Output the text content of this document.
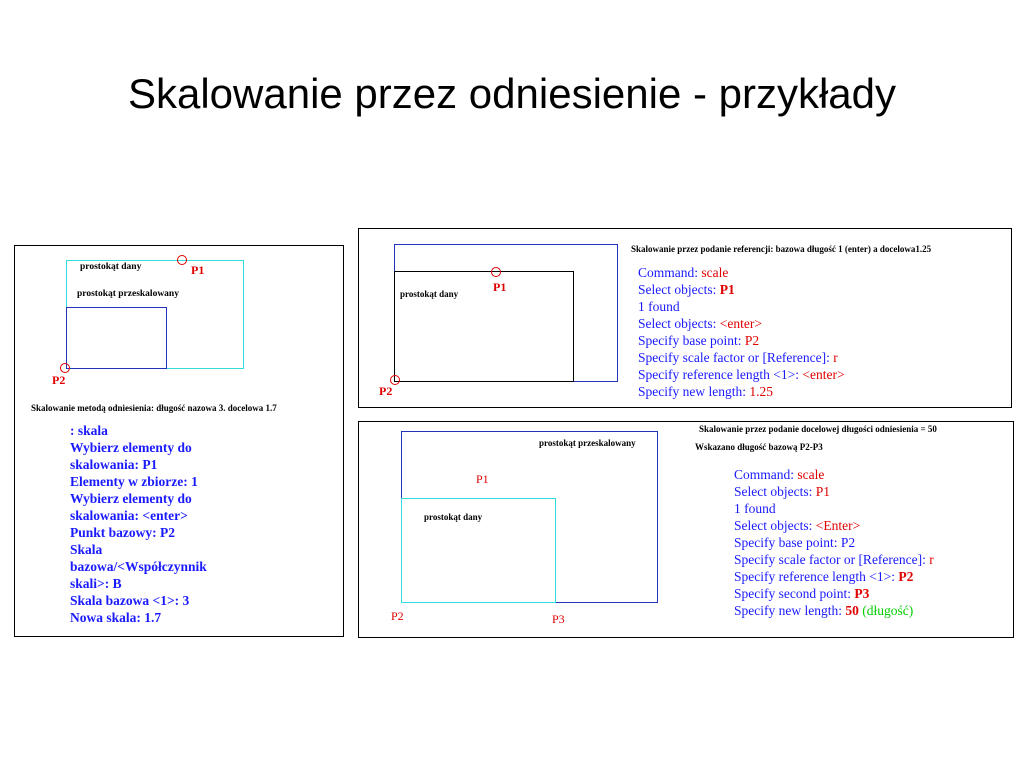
Skalowanie przez odniesienie - przykłady
prostokąt dany
prostokąt przeskalowany
P1
P2
Skalowanie metodą odniesienia: długość nazowa 3. docelowa 1.7
: skala
Wybierz elementy do
skalowania: P1
Elementy w zbiorze: 1
Wybierz elementy do
skalowania: <enter>
Punkt bazowy: P2
Skala
bazowa/<Współczynnik
skali>: B
Skala bazowa <1>: 3
Nowa skala: 1.7
prostokąt dany	P1
P2
Skalowanie przez podanie referencji: bazowa długość 1 (enter) a docelowa1.25
Command: scale
Select objects: P1
1 found
Select objects: <enter>
Specify base point: P2
Specify scale factor or [Reference]: r
Specify reference length <1>: <enter>
Specify new length: 1.25
prostokąt przeskalowany
Skalowanie przez podanie docelowej długości odniesienia = 50
Wskazano długość bazową P2-P3
P1
prostokąt dany
P2	P3
Command: scale
Select objects: P1
1 found
Select objects: <Enter>
Specify base point: P2
Specify scale factor or [Reference]: r
Specify reference length <1>: P2
Specify second point: P3
Specify new length: 50 (długość)
